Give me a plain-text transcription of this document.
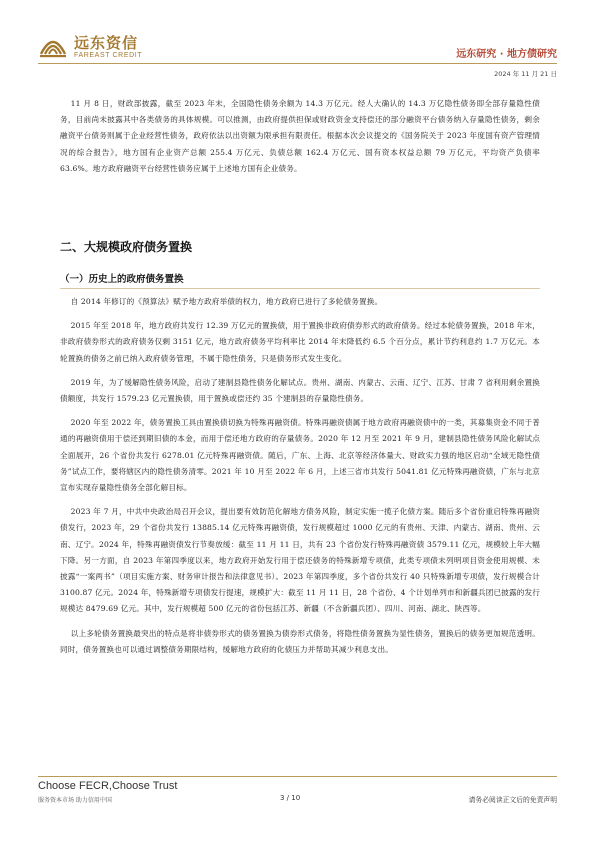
远东资信
FAREAST CREDIT	远东研究 · 地方债研究
2024 年 11 月 21 日

11 月 8 日，财政部披露，截至 2023 年末，全国隐性债务余额为 14.3 万亿元。经人大确认的 14.3 万亿隐性债务即全部存量隐性债务，目前尚未披露其中各类债务的具体规模。可以推测，由政府提供担保或财政资金支持偿还的部分融资平台债务纳入存量隐性债务，剩余融资平台债务则属于企业经营性债务，政府依法以出资额为限承担有限责任。根据本次会议提交的《国务院关于 2023 年度国有资产管理情况的综合报告》，地方国有企业资产总额 255.4 万亿元、负债总额 162.4 万亿元、国有资本权益总额 79 万亿元，平均资产负债率 63.6%。地方政府融资平台经营性债务应属于上述地方国有企业债务。

二、大规模政府债务置换
（一）历史上的政府债务置换

自 2014 年修订的《预算法》赋予地方政府举债的权力，地方政府已进行了多轮债务置换。

2015 年至 2018 年，地方政府共发行 12.39 万亿元的置换债，用于置换非政府债券形式的政府债务。经过本轮债务置换，2018 年末，非政府债券形式的政府债务仅剩 3151 亿元，地方政府债务平均利率比 2014 年末降低约 6.5 个百分点，累计节约利息约 1.7 万亿元。本轮置换的债务之前已纳入政府债务管理，不属于隐性债务，只是债务形式发生变化。

2019 年，为了缓解隐性债务风险，启动了建制县隐性债务化解试点。贵州、湖南、内蒙古、云南、辽宁、江苏、甘肃 7 省利用剩余置换债额度，共发行 1579.23 亿元置换债，用于置换或偿还约 35 个建制县的存量隐性债务。

2020 年至 2022 年，债务置换工具由置换债切换为特殊再融资债。特殊再融资债属于地方政府再融资债中的一类，其募集资金不同于普通的再融资债用于偿还到期旧债的本金，而用于偿还地方政府的存量债务。2020 年 12 月至 2021 年 9 月，建制县隐性债务风险化解试点全面展开，26 个省份共发行 6278.01 亿元特殊再融资债。随后，广东、上海、北京等经济体量大、财政实力强的地区启动“全域无隐性债务”试点工作，要将辖区内的隐性债务清零。2021 年 10 月至 2022 年 6 月，上述三省市共发行 5041.81 亿元特殊再融资债，广东与北京宣布实现存量隐性债务全部化解目标。

2023 年 7 月，中共中央政治局召开会议，提出要有效防范化解地方债务风险，制定实施一揽子化债方案。随后多个省份重启特殊再融资债发行，2023 年，29 个省份共发行 13885.14 亿元特殊再融资债，发行规模超过 1000 亿元的有贵州、天津、内蒙古、湖南、贵州、云南、辽宁。2024 年，特殊再融资债发行节奏放缓：截至 11 月 11 日，共有 23 个省份发行特殊再融资债 3579.11 亿元，规模较上年大幅下降。另一方面，自 2023 年第四季度以来，地方政府开始发行用于偿还债务的特殊新增专项债，此类专项债未列明项目资金使用规模、未披露“一案两书”（项目实施方案、财务审计报告和法律意见书）。2023 年第四季度，多个省份共发行 40 只特殊新增专项债，发行规模合计 3100.87 亿元。2024 年，特殊新增专项债发行提速，规模扩大：截至 11 月 11 日，28 个省份、4 个计划单列市和新疆兵团已披露的发行规模达 8479.69 亿元。其中，发行规模超 500 亿元的省份包括江苏、新疆（不含新疆兵团）、四川、河南、湖北、陕西等。

以上多轮债务置换最突出的特点是将非债券形式的债务置换为债券形式债务，将隐性债务置换为显性债务，置换后的债务更加规范透明。同时，债务置换也可以通过调整债务期限结构，缓解地方政府的化债压力并帮助其减少利息支出。

Choose FECR,Choose Trust
服务资本市场 助力信用中国	3 / 10	请务必阅读正文后的免责声明
